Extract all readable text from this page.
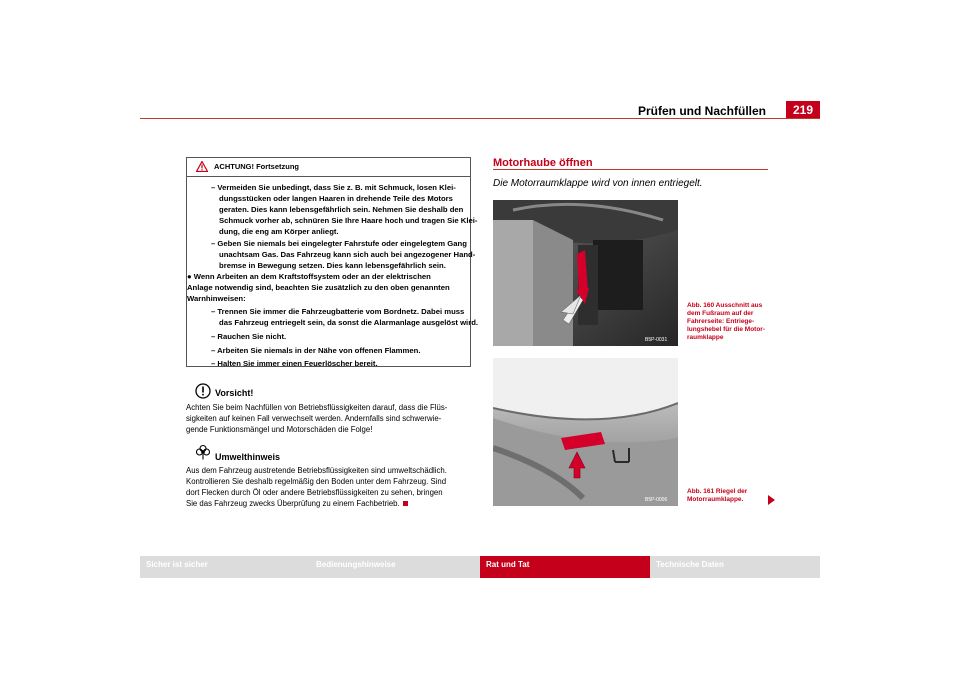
Prüfen und Nachfüllen	219
ACHTUNG! Fortsetzung
– Vermeiden Sie unbedingt, dass Sie z. B. mit Schmuck, losen Klei-
dungsstücken oder langen Haaren in drehende Teile des Motors
geraten. Dies kann lebensgefährlich sein. Nehmen Sie deshalb den
Schmuck vorher ab, schnüren Sie Ihre Haare hoch und tragen Sie Klei-
dung, die eng am Körper anliegt.
– Geben Sie niemals bei eingelegter Fahrstufe oder eingelegtem Gang
unachtsam Gas. Das Fahrzeug kann sich auch bei angezogener Hand-
bremse in Bewegung setzen. Dies kann lebensgefährlich sein.
● Wenn Arbeiten an dem Kraftstoffsystem oder an der elektrischen
Anlage notwendig sind, beachten Sie zusätzlich zu den oben genannten
Warnhinweisen:
– Trennen Sie immer die Fahrzeugbatterie vom Bordnetz. Dabei muss
das Fahrzeug entriegelt sein, da sonst die Alarmanlage ausgelöst wird.
– Rauchen Sie nicht.
– Arbeiten Sie niemals in der Nähe von offenen Flammen.
– Halten Sie immer einen Feuerlöscher bereit.
Vorsicht!
Achten Sie beim Nachfüllen von Betriebsflüssigkeiten darauf, dass die Flüs-
sigkeiten auf keinen Fall verwechselt werden. Andernfalls sind schwerwie-
gende Funktionsmängel und Motorschäden die Folge!
Umwelthinweis
Aus dem Fahrzeug austretende Betriebsflüssigkeiten sind umweltschädlich.
Kontrollieren Sie deshalb regelmäßig den Boden unter dem Fahrzeug. Sind
dort Flecken durch Öl oder andere Betriebsflüssigkeiten zu sehen, bringen
Sie das Fahrzeug zwecks Überprüfung zu einem Fachbetrieb.
Motorhaube öffnen
Die Motorraumklappe wird von innen entriegelt.
B5P-0031
Abb. 160 Ausschnitt aus
dem Fußraum auf der
Fahrerseite: Entriege-
lungshebel für die Motor-
raumklappe
B5P-0006
Abb. 161 Riegel der
Motorraumklappe.
Sicher ist sicher	Bedienungshinweise	Rat und Tat	Technische Daten
